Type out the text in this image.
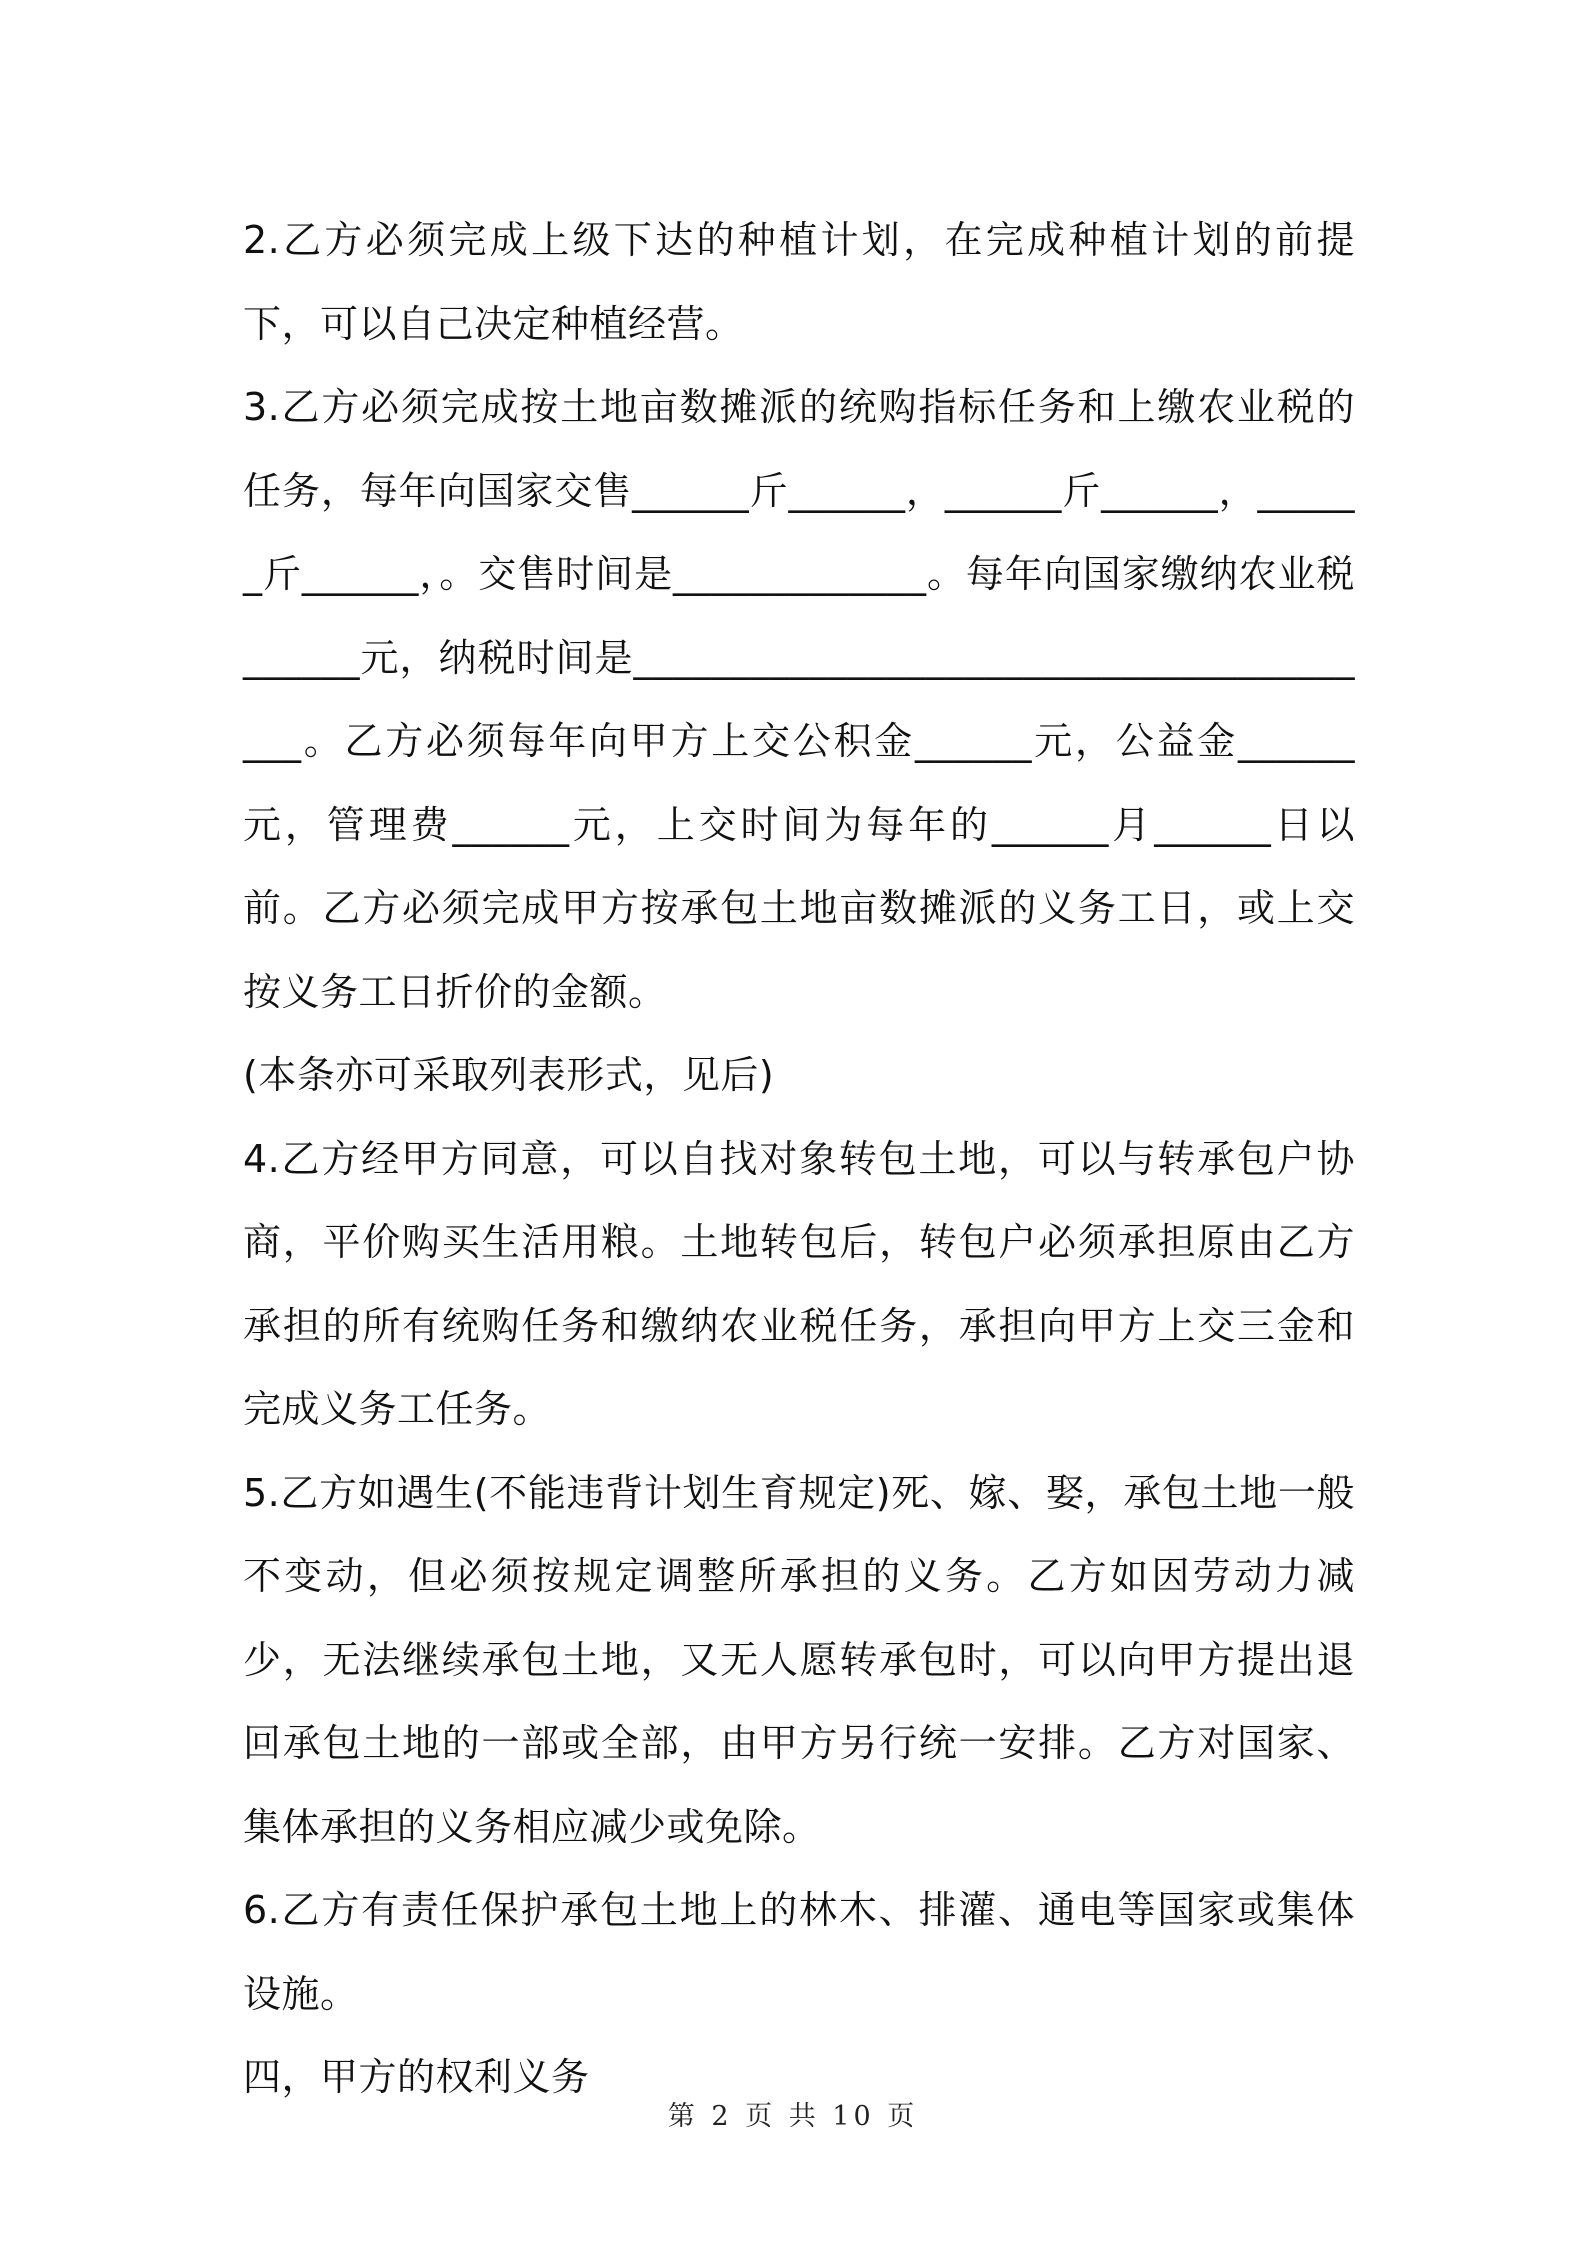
2.乙方必须完成上级下达的种植计划，在完成种植计划的前提下，可以自己决定种植经营。

3.乙方必须完成按土地亩数摊派的统购指标任务和上缴农业税的任务，每年向国家交售______斤______，______斤______，______斤______，。交售时间是_____________。每年向国家缴纳农业税______元，纳税时间是________________________________________。乙方必须每年向甲方上交公积金______元，公益金______元，管理费______元，上交时间为每年的______月______日以前。乙方必须完成甲方按承包土地亩数摊派的义务工日，或上交按义务工日折价的金额。

(本条亦可采取列表形式，见后)

4.乙方经甲方同意，可以自找对象转包土地，可以与转承包户协商，平价购买生活用粮。土地转包后，转包户必须承担原由乙方承担的所有统购任务和缴纳农业税任务，承担向甲方上交三金和完成义务工任务。

5.乙方如遇生(不能违背计划生育规定)死、嫁、娶，承包土地一般不变动，但必须按规定调整所承担的义务。乙方如因劳动力减少，无法继续承包土地，又无人愿转承包时，可以向甲方提出退回承包土地的一部或全部，由甲方另行统一安排。乙方对国家、集体承担的义务相应减少或免除。

6.乙方有责任保护承包土地上的林木、排灌、通电等国家或集体设施。

四，甲方的权利义务

第 2 页 共 10 页
